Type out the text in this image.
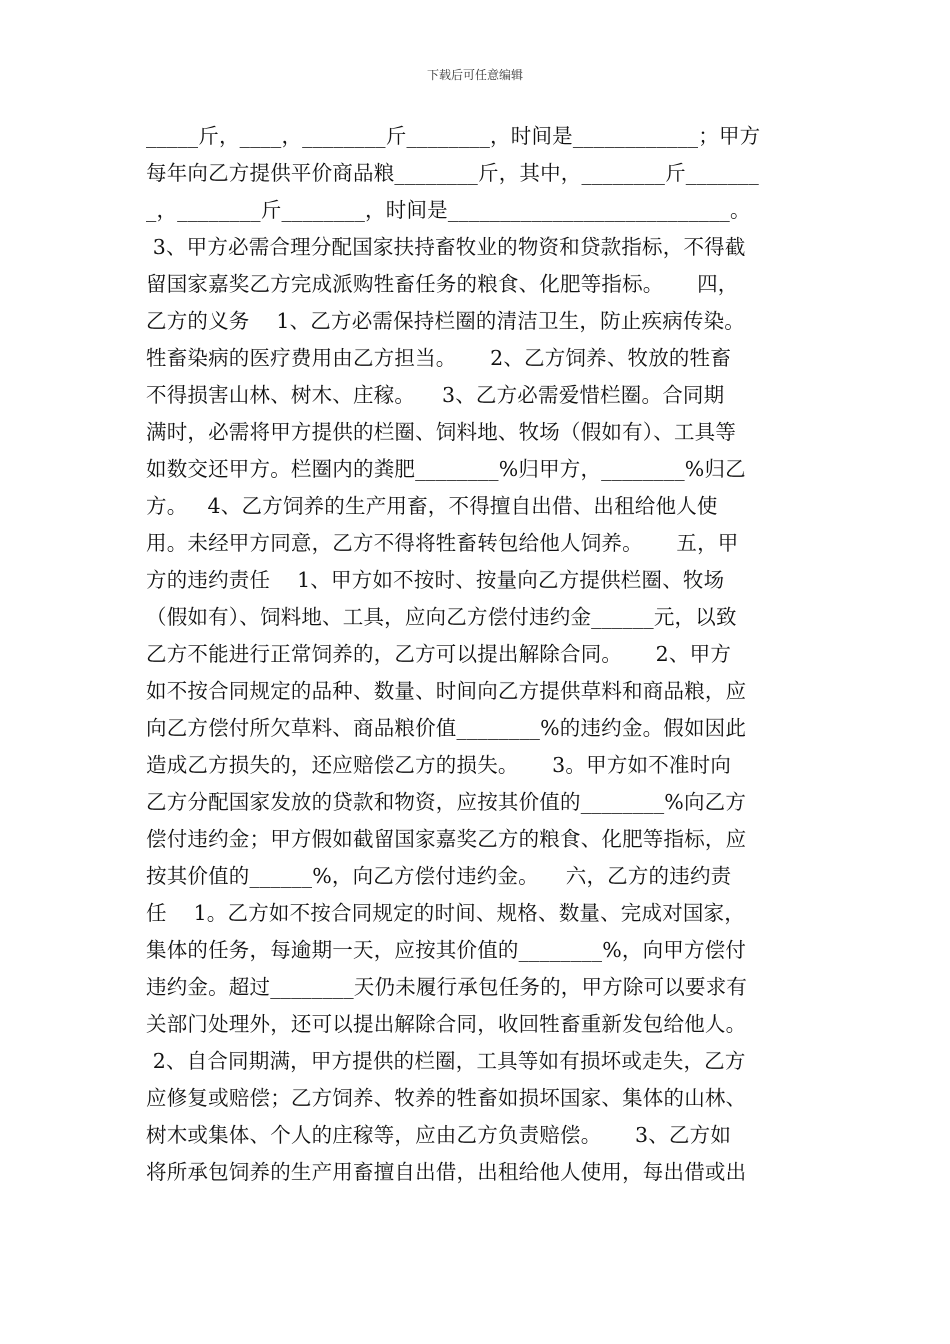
下载后可任意编辑
_____斤，____，________斤________，时间是____________；甲方
每年向乙方提供平价商品粮________斤，其中，________斤_______
_，________斤________，时间是___________________________。
3、甲方必需合理分配国家扶持畜牧业的物资和贷款指标，不得截
留国家嘉奖乙方完成派购牲畜任务的粮食、化肥等指标。     四，
乙方的义务    1、乙方必需保持栏圈的清洁卫生，防止疾病传染。
牲畜染病的医疗费用由乙方担当。     2、乙方饲养、牧放的牲畜
不得损害山林、树木、庄稼。    3、乙方必需爱惜栏圈。合同期
满时，必需将甲方提供的栏圈、饲料地、牧场（假如有）、工具等
如数交还甲方。栏圈内的粪肥________%归甲方，________%归乙
方。   4、乙方饲养的生产用畜，不得擅自出借、出租给他人使
用。未经甲方同意，乙方不得将牲畜转包给他人饲养。     五，甲
方的违约责任    1、甲方如不按时、按量向乙方提供栏圈、牧场
（假如有）、饲料地、工具，应向乙方偿付违约金______元，以致
乙方不能进行正常饲养的，乙方可以提出解除合同。     2、甲方
如不按合同规定的品种、数量、时间向乙方提供草料和商品粮，应
向乙方偿付所欠草料、商品粮价值________%的违约金。假如因此
造成乙方损失的，还应赔偿乙方的损失。     3。甲方如不准时向
乙方分配国家发放的贷款和物资，应按其价值的________%向乙方
偿付违约金；甲方假如截留国家嘉奖乙方的粮食、化肥等指标，应
按其价值的______%，向乙方偿付违约金。    六，乙方的违约责
任    1。乙方如不按合同规定的时间、规格、数量、完成对国家，
集体的任务，每逾期一天，应按其价值的________%，向甲方偿付
违约金。超过________天仍未履行承包任务的，甲方除可以要求有
关部门处理外，还可以提出解除合同，收回牲畜重新发包给他人。
2、自合同期满，甲方提供的栏圈，工具等如有损坏或走失，乙方
应修复或赔偿；乙方饲养、牧养的牲畜如损坏国家、集体的山林、
树木或集体、个人的庄稼等，应由乙方负责赔偿。     3、乙方如
将所承包饲养的生产用畜擅自出借，出租给他人使用，每出借或出
